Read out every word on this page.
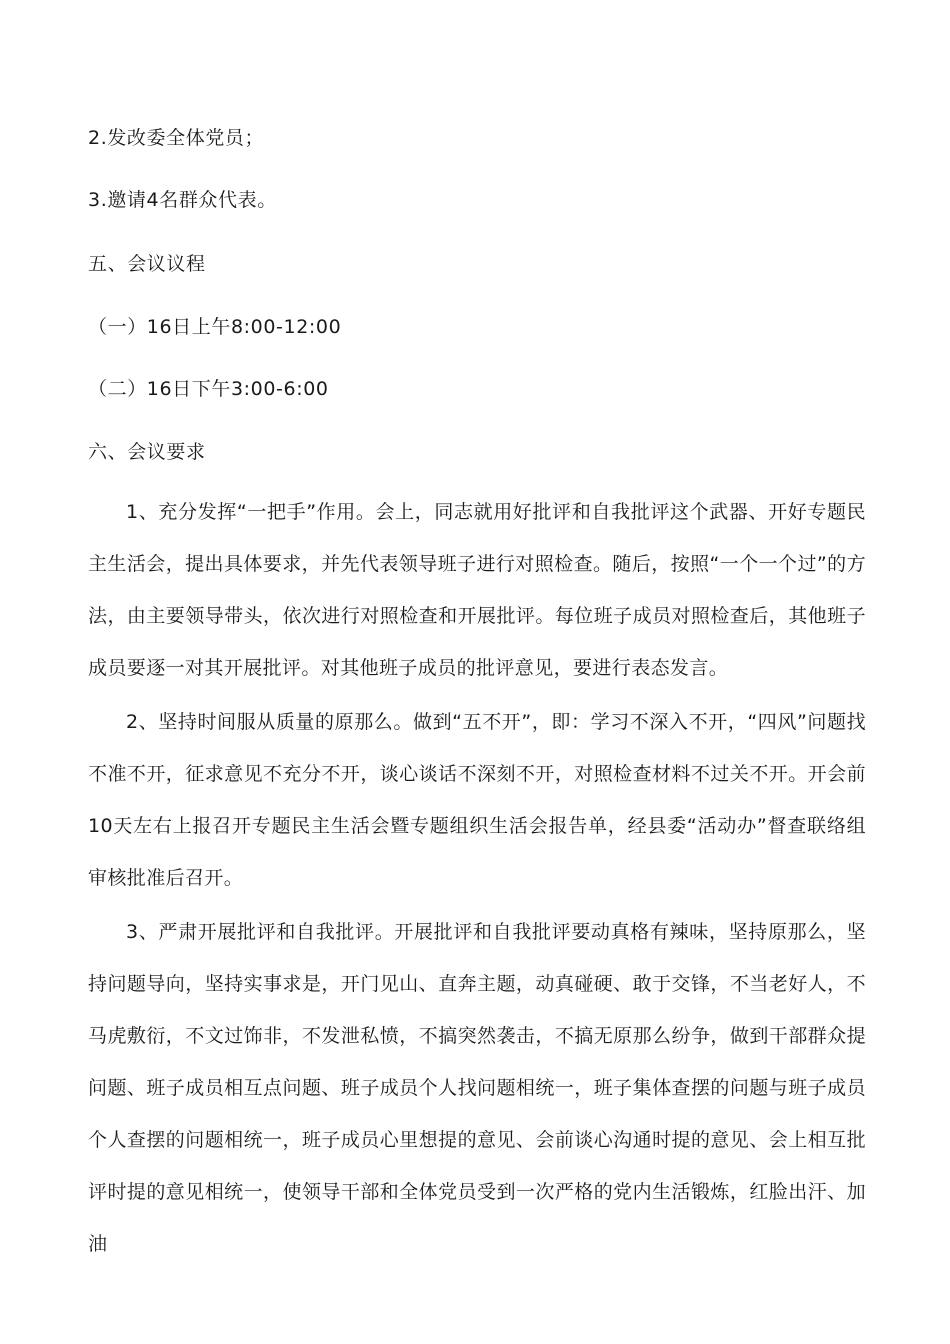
2.发改委全体党员；
3.邀请4名群众代表。
五、会议议程
（一）16日上午8:00-12:00
（二）16日下午3:00-6:00
六、会议要求
1、充分发挥“一把手”作用。会上，同志就用好批评和自我批评这个武器、开好专题民主生活会，提出具体要求，并先代表领导班子进行对照检查。随后，按照“一个一个过”的方法，由主要领导带头，依次进行对照检查和开展批评。每位班子成员对照检查后，其他班子成员要逐一对其开展批评。对其他班子成员的批评意见，要进行表态发言。
2、坚持时间服从质量的原那么。做到“五不开”，即：学习不深入不开，“四风”问题找不准不开，征求意见不充分不开，谈心谈话不深刻不开，对照检查材料不过关不开。开会前10天左右上报召开专题民主生活会暨专题组织生活会报告单，经县委“活动办”督查联络组审核批准后召开。
3、严肃开展批评和自我批评。开展批评和自我批评要动真格有辣味，坚持原那么，坚持问题导向，坚持实事求是，开门见山、直奔主题，动真碰硬、敢于交锋，不当老好人，不马虎敷衍，不文过饰非，不发泄私愤，不搞突然袭击，不搞无原那么纷争，做到干部群众提问题、班子成员相互点问题、班子成员个人找问题相统一，班子集体查摆的问题与班子成员个人查摆的问题相统一，班子成员心里想提的意见、会前谈心沟通时提的意见、会上相互批评时提的意见相统一，使领导干部和全体党员受到一次严格的党内生活锻炼，红脸出汗、加油
